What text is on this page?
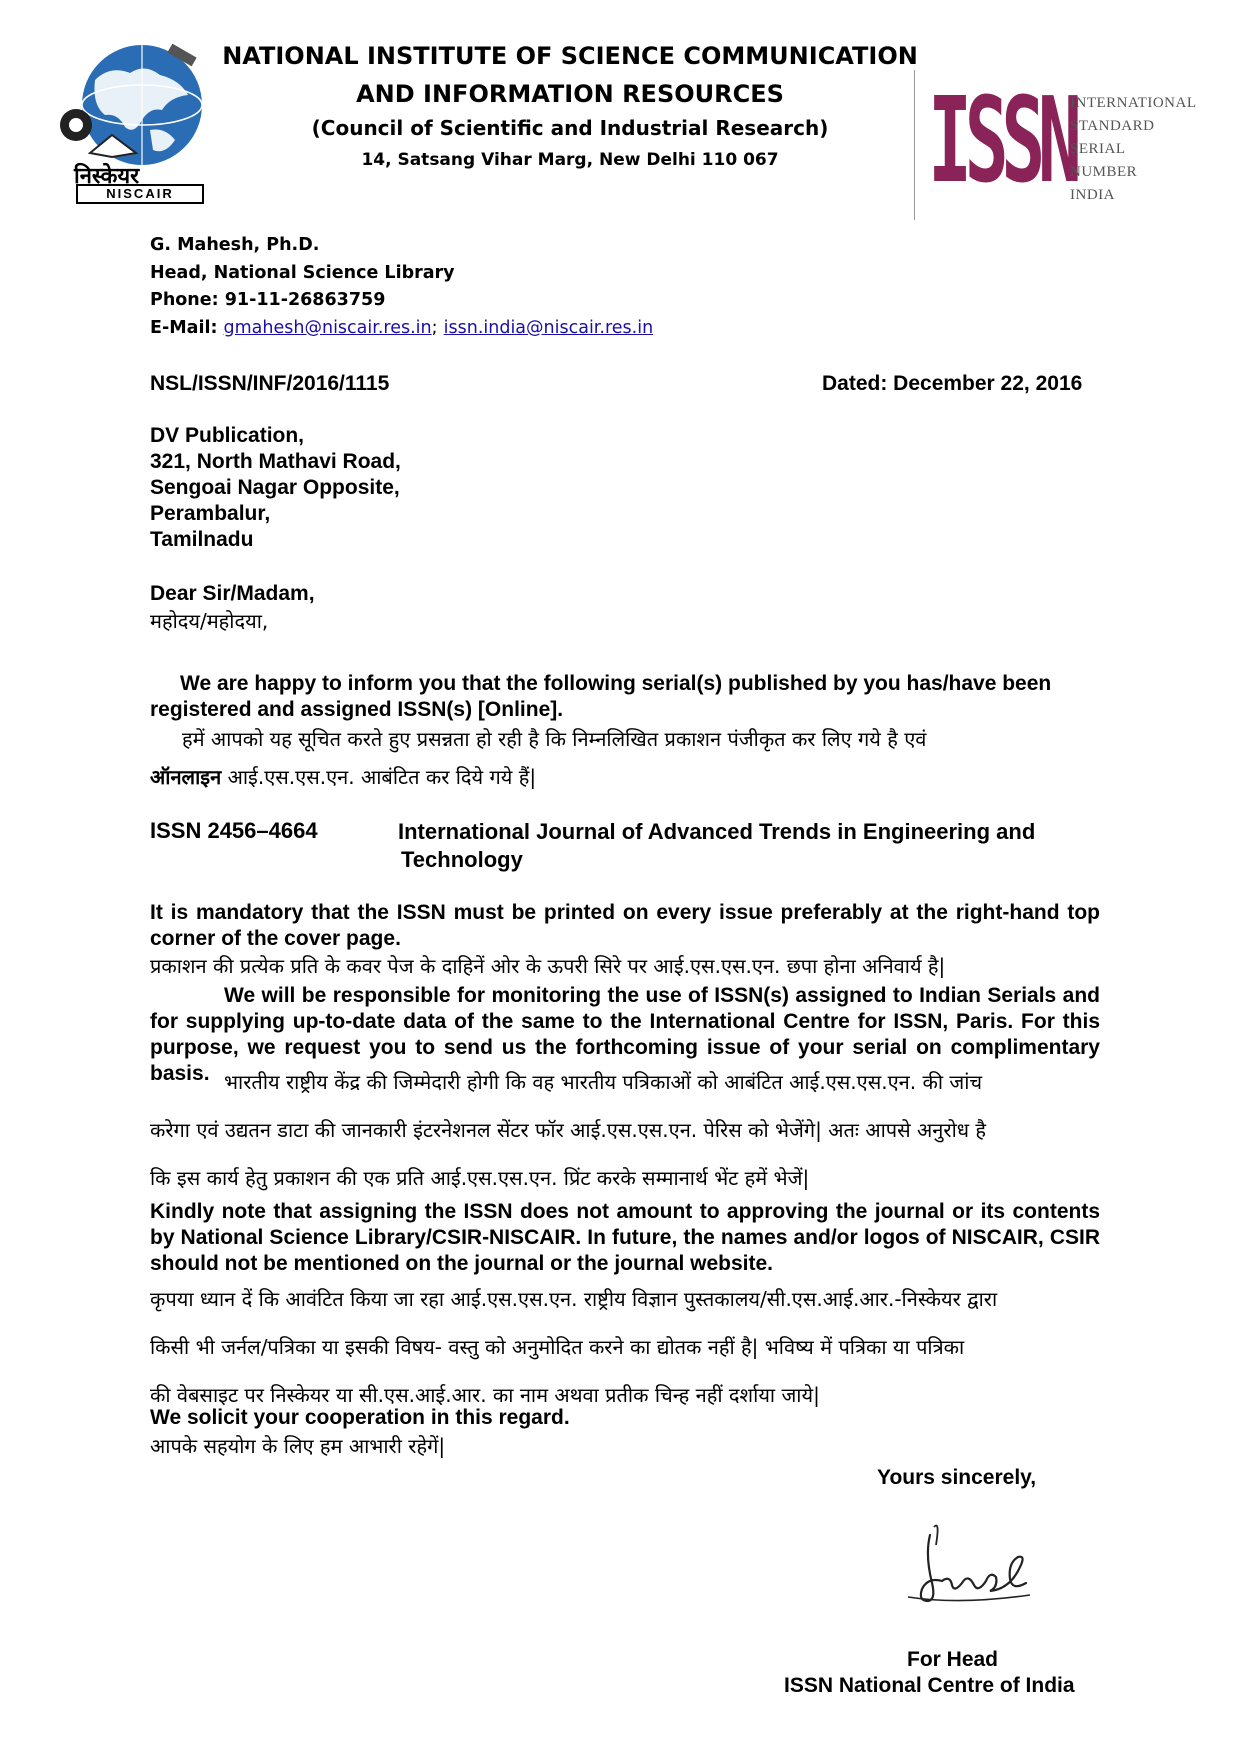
निस्केयर
NISCAIR
NATIONAL INSTITUTE OF SCIENCE COMMUNICATION
AND INFORMATION RESOURCES
(Council of Scientific and Industrial Research)
14, Satsang Vihar Marg, New Delhi 110 067	ISSN
INTERNATIONAL
STANDARD
SERIAL
NUMBER
INDIA
G. Mahesh, Ph.D.
Head, National Science Library
Phone: 91-11-26863759
E-Mail: gmahesh@niscair.res.in; issn.india@niscair.res.in
NSL/ISSN/INF/2016/1115	Dated: December 22, 2016
DV Publication,
321, North Mathavi Road,
Sengoai Nagar Opposite,
Perambalur,
Tamilnadu
Dear Sir/Madam,
महोदय/महोदया,
We are happy to inform you that the following serial(s) published by you has/have been registered and assigned ISSN(s) [Online].
हमें आपको यह सूचित करते हुए प्रसन्नता हो रही है कि निम्नलिखित प्रकाशन पंजीकृत कर लिए गये है एवं
ऑनलाइन आई.एस.एस.एन. आबंटित कर दिये गये हैं|
ISSN 2456–4664	International Journal of Advanced Trends in Engineering and
Technology
It is mandatory that the ISSN must be printed on every issue preferably at the right-hand top corner of the cover page.
प्रकाशन की प्रत्येक प्रति के कवर पेज के दाहिनें ओर के ऊपरी सिरे पर आई.एस.एस.एन. छपा होना अनिवार्य है|
We will be responsible for monitoring the use of ISSN(s) assigned to Indian Serials and for supplying up-to-date data of the same to the International Centre for ISSN, Paris. For this purpose, we request you to send us the forthcoming issue of your serial on complimentary basis. भारतीय राष्ट्रीय केंद्र की जिम्मेदारी होगी कि वह भारतीय पत्रिकाओं को आबंटित आई.एस.एस.एन. की जांच
करेगा एवं उद्यतन डाटा की जानकारी इंटरनेशनल सेंटर फॉर आई.एस.एस.एन. पेरिस को भेजेंगे| अतः आपसे अनुरोध है
कि इस कार्य हेतु प्रकाशन की एक प्रति आई.एस.एस.एन. प्रिंट करके सम्मानार्थ भेंट हमें भेजें|
Kindly note that assigning the ISSN does not amount to approving the journal or its contents by National Science Library/CSIR-NISCAIR. In future, the names and/or logos of NISCAIR, CSIR should not be mentioned on the journal or the journal website.
कृपया ध्यान दें कि आवंटित किया जा रहा आई.एस.एस.एन. राष्ट्रीय विज्ञान पुस्तकालय/सी.एस.आई.आर.-निस्केयर द्वारा
किसी भी जर्नल/पत्रिका या इसकी विषय- वस्तु को अनुमोदित करने का द्योतक नहीं है| भविष्य में पत्रिका या पत्रिका
की वेबसाइट पर निस्केयर या सी.एस.आई.आर. का नाम अथवा प्रतीक चिन्ह नहीं दर्शाया जाये|
We solicit your cooperation in this regard.
आपके सहयोग के लिए हम आभारी रहेगें|
Yours sincerely,
For Head
ISSN National Centre of India
